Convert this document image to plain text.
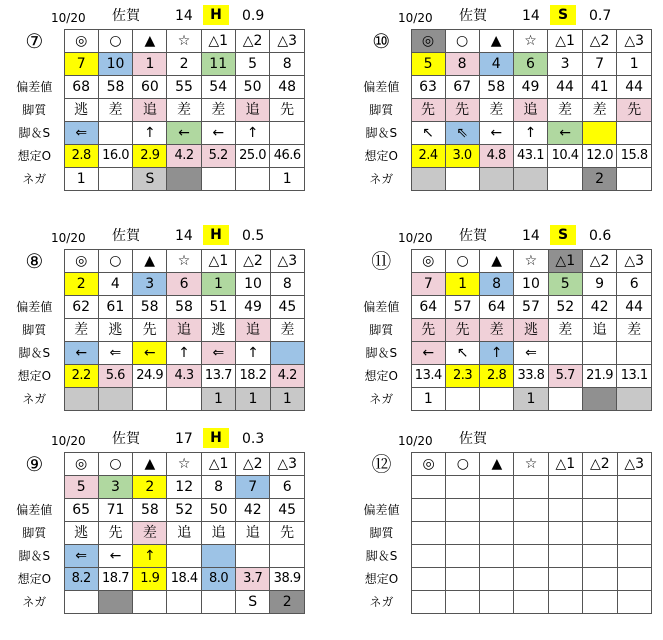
10/20 佐賀	14	H	0.9
⑦	◎	○	▲	☆	△1	△2	△3
	7	10	1	2	11	5	8
偏差値	68	58	60	55	54	50	48
脚質	逃	差	追	差	差	追	先
脚＆S	⇐		↑	←	←	↑	
想定O	2.8	16.0	2.9	4.2	5.2	25.0	46.6
ネガ	1		S				1
10/20 佐賀	14	S	0.7
⑩	◎	○	▲	☆	△1	△2	△3
	5	8	4	6	3	7	1
偏差値	63	67	58	49	44	41	44
脚質	先	先	差	追	差	差	先
脚＆S	↖	⇖	←	↑	←		
想定O	2.4	3.0	4.8	43.1	10.4	12.0	15.8
ネガ						2	
10/20 佐賀	14	H	0.5
⑧	◎	○	▲	☆	△1	△2	△3
	2	4	3	6	1	10	8
偏差値	62	61	58	58	51	49	45
脚質	差	逃	先	追	逃	追	差
脚＆S	←	⇐	←	↑	⇐	↑	
想定O	2.2	5.6	24.9	4.3	13.7	18.2	4.2
ネガ					1	1	1
10/20 佐賀	14	S	0.6
⑪	◎	○	▲	☆	△1	△2	△3
	7	1	8	10	5	9	6
偏差値	64	57	64	57	52	42	44
脚質	先	先	差	逃	差	追	差
脚＆S	←	↖	↑	⇐			
想定O	13.4	2.3	2.8	33.8	5.7	21.9	13.1
ネガ	1			1			
10/20 佐賀	17	H	0.3
⑨	◎	○	▲	☆	△1	△2	△3
	5	3	2	12	8	7	6
偏差値	65	71	58	52	50	42	45
脚質	逃	先	差	追	追	追	先
脚＆S	⇐	←	↑				
想定O	8.2	18.7	1.9	18.4	8.0	3.7	38.9
ネガ						S	2
10/20 佐賀
⑫	◎	○	▲	☆	△1	△2	△3

偏差値							
脚質							
脚＆S							
想定O							
ネガ							
